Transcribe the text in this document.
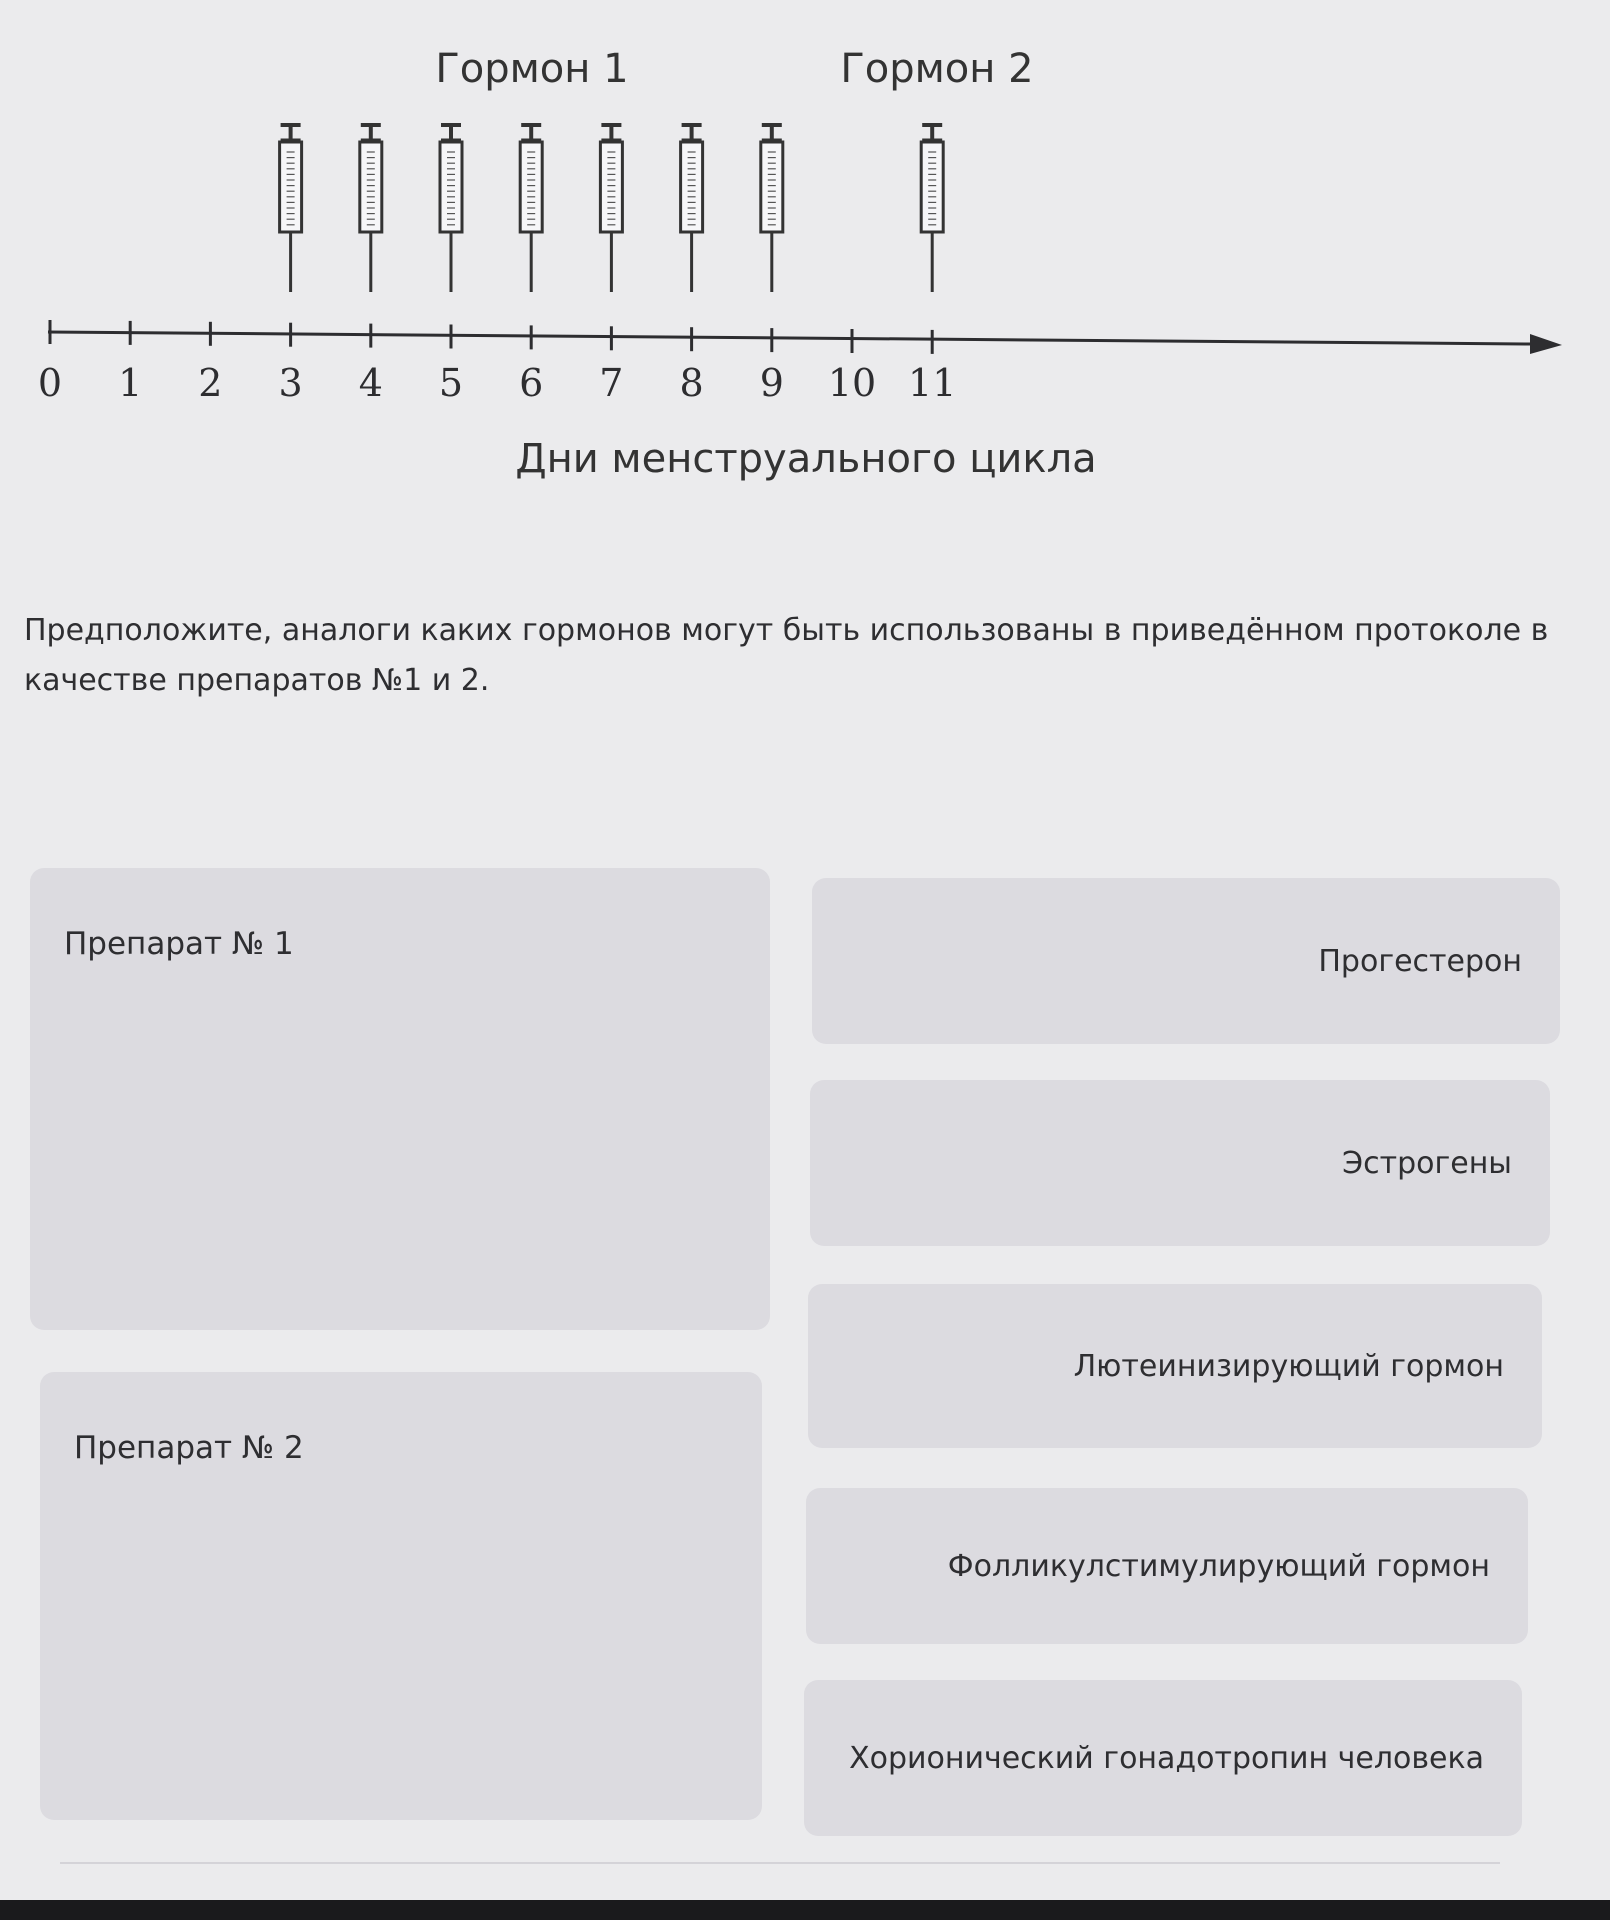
Гормон 1	Гормон 2
0 1 2 3 4 5 6 7 8 9 10 11
Дни менструального цикла
Предположите, аналоги каких гормонов могут быть использованы в приведённом протоколе в качестве препаратов №1 и 2.
Препарат № 1
Препарат № 2
Прогестерон
Эстрогены
Лютеинизирующий гормон
Фолликулстимулирующий гормон
Хорионический гонадотропин человека
